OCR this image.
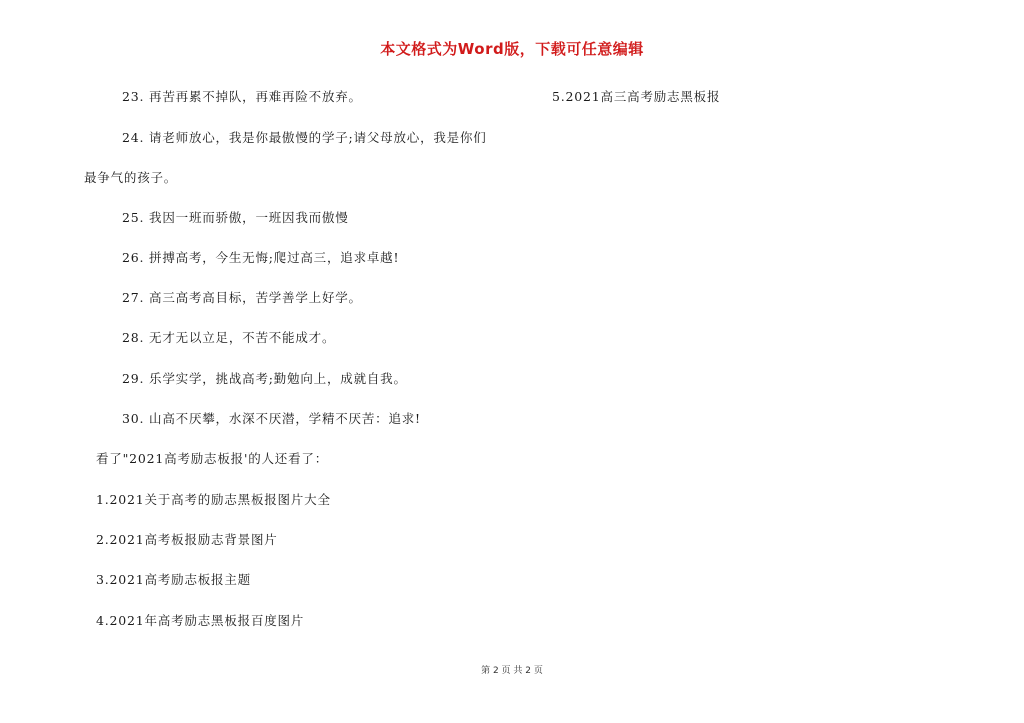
本文格式为Word版，下载可任意编辑
23. 再苦再累不掉队，再难再险不放弃。
24. 请老师放心，我是你最傲慢的学子;请父母放心，我是你们
最争气的孩子。
25. 我因一班而骄傲，一班因我而傲慢
26. 拼搏高考，今生无悔;爬过高三，追求卓越!
27. 高三高考高目标，苦学善学上好学。
28. 无才无以立足，不苦不能成才。
29. 乐学实学，挑战高考;勤勉向上，成就自我。
30. 山高不厌攀，水深不厌潜，学精不厌苦：追求!
看了"2021高考励志板报'的人还看了：
1.2021关于高考的励志黑板报图片大全
2.2021高考板报励志背景图片
3.2021高考励志板报主题
4.2021年高考励志黑板报百度图片
5.2021高三高考励志黑板报
第 2 页 共 2 页
